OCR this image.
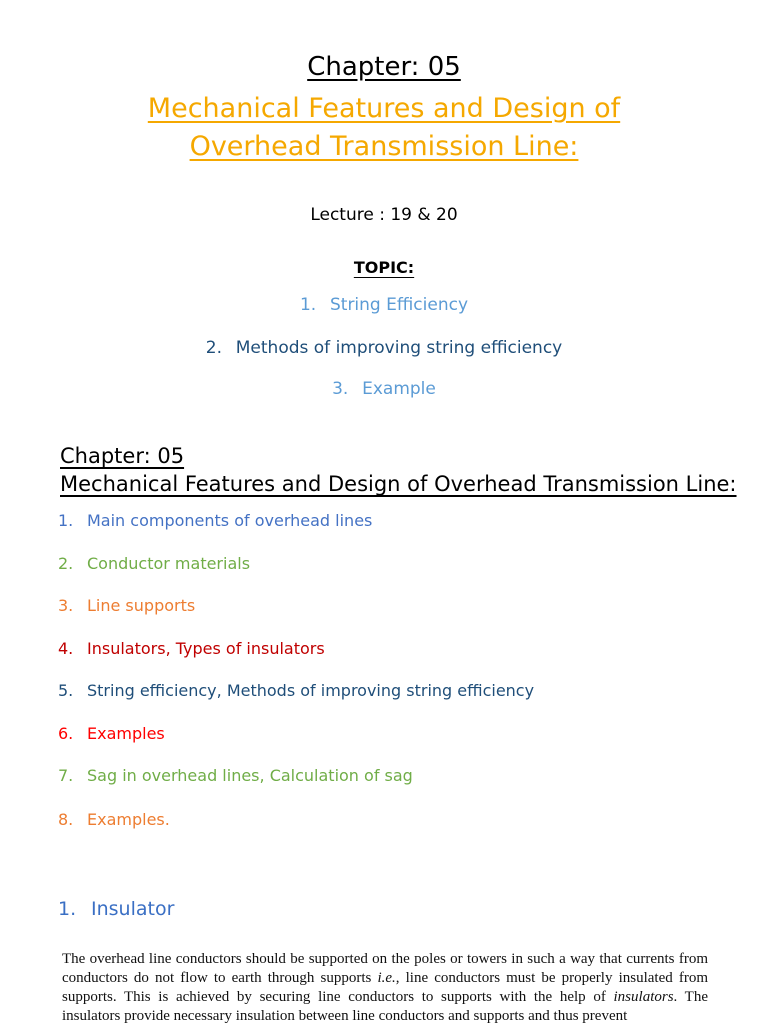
Chapter: 05
Mechanical Features and Design of
Overhead Transmission Line:
Lecture : 19 & 20
TOPIC:
1. String Efficiency
2. Methods of improving string efficiency
3. Example
Chapter: 05
Mechanical Features and Design of Overhead Transmission Line:
1. Main components of overhead lines
2. Conductor materials
3. Line supports
4. Insulators, Types of insulators
5. String efficiency, Methods of improving string efficiency
6. Examples
7. Sag in overhead lines, Calculation of sag
8. Examples.
1. Insulator
The overhead line conductors should be supported on the poles or towers in such a way that currents from conductors do not flow to earth through supports i.e., line conductors must be properly insulated from supports. This is achieved by securing line conductors to supports with the help of insulators. The insulators provide necessary insulation between line conductors and supports and thus prevent
